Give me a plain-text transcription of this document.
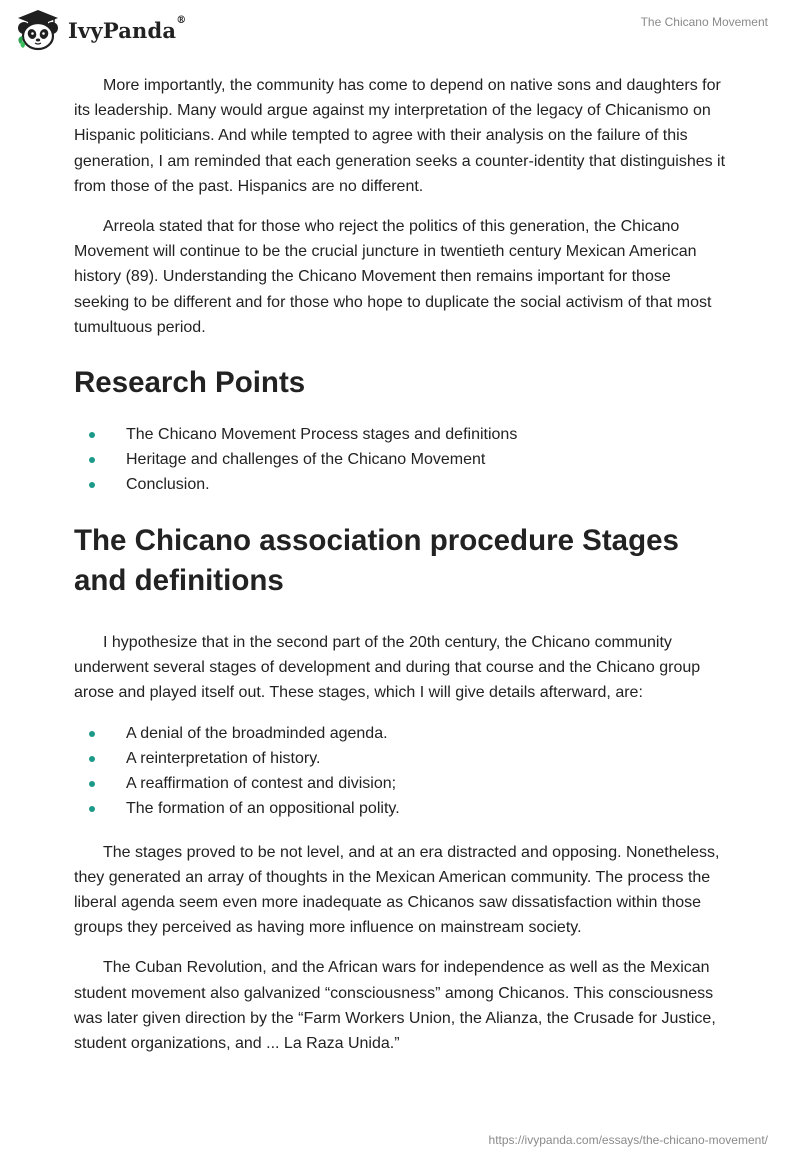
IvyPanda®	The Chicano Movement

More importantly, the community has come to depend on native sons and daughters for its leadership. Many would argue against my interpretation of the legacy of Chicanismo on Hispanic politicians. And while tempted to agree with their analysis on the failure of this generation, I am reminded that each generation seeks a counter-identity that distinguishes it from those of the past. Hispanics are no different.

Arreola stated that for those who reject the politics of this generation, the Chicano Movement will continue to be the crucial juncture in twentieth century Mexican American history (89). Understanding the Chicano Movement then remains important for those seeking to be different and for those who hope to duplicate the social activism of that most tumultuous period.

Research Points
The Chicano Movement Process stages and definitions
Heritage and challenges of the Chicano Movement
Conclusion.
The Chicano association procedure Stages and definitions

I hypothesize that in the second part of the 20th century, the Chicano community underwent several stages of development and during that course and the Chicano group arose and played itself out. These stages, which I will give details afterward, are:

A denial of the broadminded agenda.
A reinterpretation of history.
A reaffirmation of contest and division;
The formation of an oppositional polity.

The stages proved to be not level, and at an era distracted and opposing. Nonetheless, they generated an array of thoughts in the Mexican American community. The process the liberal agenda seem even more inadequate as Chicanos saw dissatisfaction within those groups they perceived as having more influence on mainstream society.

The Cuban Revolution, and the African wars for independence as well as the Mexican student movement also galvanized “consciousness” among Chicanos. This consciousness was later given direction by the “Farm Workers Union, the Alianza, the Crusade for Justice, student organizations, and ... La Raza Unida.”

https://ivypanda.com/essays/the-chicano-movement/
